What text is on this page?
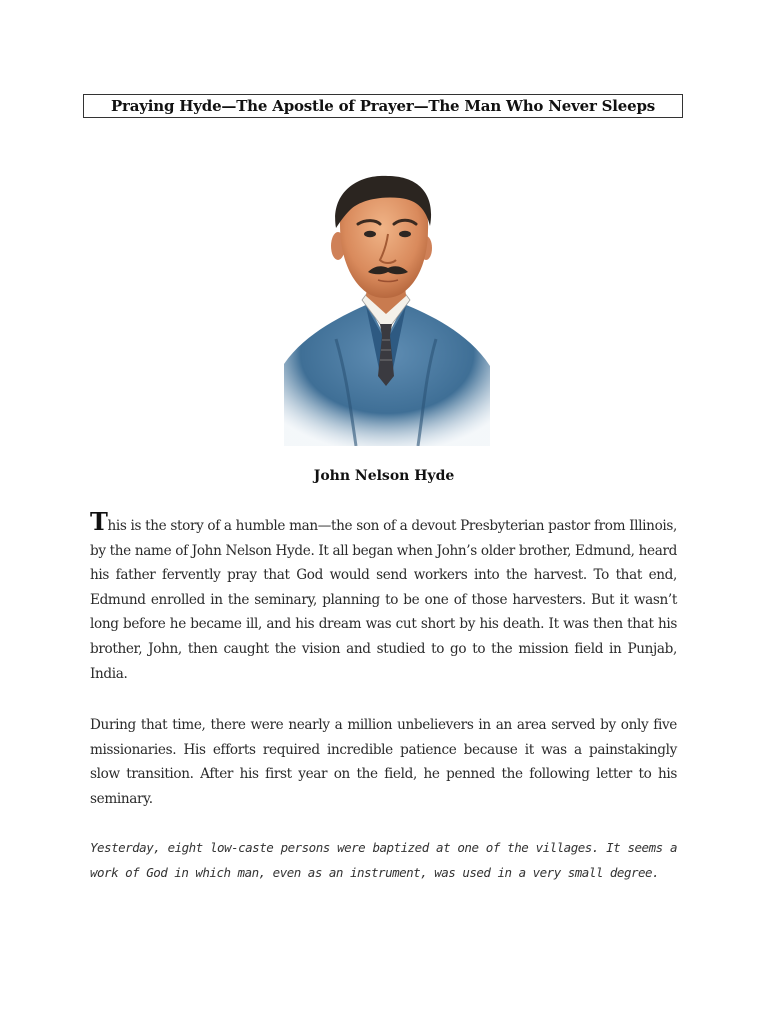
Praying Hyde—The Apostle of Prayer—The Man Who Never Sleeps
John Nelson Hyde
This is the story of a humble man—the son of a devout Presbyterian pastor from Illinois, by the name of John Nelson Hyde. It all began when John’s older brother, Edmund, heard his father fervently pray that God would send workers into the harvest. To that end, Edmund enrolled in the seminary, planning to be one of those harvesters. But it wasn’t long before he became ill, and his dream was cut short by his death. It was then that his brother, John, then caught the vision and studied to go to the mission field in Punjab, India.
During that time, there were nearly a million unbelievers in an area served by only five missionaries. His efforts required incredible patience because it was a painstakingly slow transition. After his first year on the field, he penned the following letter to his seminary.
Yesterday, eight low-caste persons were baptized at one of the villages. It seems a work of God in which man, even as an instrument, was used in a very small degree.
